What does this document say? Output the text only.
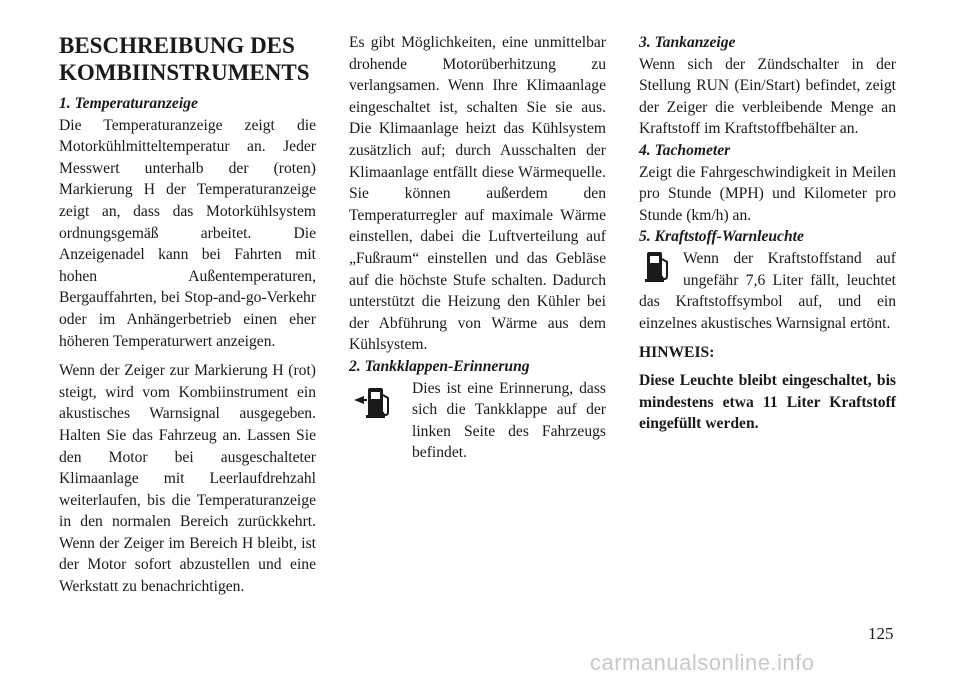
BESCHREIBUNG DES KOMBIINSTRUMENTS
1. Temperaturanzeige

Die Temperaturanzeige zeigt die Motorkühlmitteltemperatur an. Jeder Messwert unterhalb der (roten) Markierung H der Temperaturanzeige zeigt an, dass das Motorkühlsystem ordnungsgemäß arbeitet. Die Anzeigenadel kann bei Fahrten mit hohen Außentemperaturen, Bergauffahrten, bei Stop-and-go-Verkehr oder im Anhängerbetrieb einen eher höheren Temperaturwert anzeigen.

Wenn der Zeiger zur Markierung H (rot) steigt, wird vom Kombiinstrument ein akustisches Warnsignal ausgegeben. Halten Sie das Fahrzeug an. Lassen Sie den Motor bei ausgeschalteter Klimaanlage mit Leerlaufdrehzahl weiterlaufen, bis die Temperaturanzeige in den normalen Bereich zurückkehrt. Wenn der Zeiger im Bereich H bleibt, ist der Motor sofort abzustellen und eine Werkstatt zu benachrichtigen.

Es gibt Möglichkeiten, eine unmittelbar drohende Motorüberhitzung zu verlangsamen. Wenn Ihre Klimaanlage eingeschaltet ist, schalten Sie sie aus. Die Klimaanlage heizt das Kühlsystem zusätzlich auf; durch Ausschalten der Klimaanlage entfällt diese Wärmequelle. Sie können außerdem den Temperaturregler auf maximale Wärme einstellen, dabei die Luftverteilung auf „Fußraum“ einstellen und das Gebläse auf die höchste Stufe schalten. Dadurch unterstützt die Heizung den Kühler bei der Abführung von Wärme aus dem Kühlsystem.

2. Tankklappen-Erinnerung

Dies ist eine Erinnerung, dass sich die Tankklappe auf der linken Seite des Fahrzeugs befindet.

3. Tankanzeige

Wenn sich der Zündschalter in der Stellung RUN (Ein/Start) befindet, zeigt der Zeiger die verbleibende Menge an Kraftstoff im Kraftstoffbehälter an.

4. Tachometer

Zeigt die Fahrgeschwindigkeit in Meilen pro Stunde (MPH) und Kilometer pro Stunde (km/h) an.

5. Kraftstoff-Warnleuchte

Wenn der Kraftstoffstand auf ungefähr 7,6 Liter fällt, leuchtet das Kraftstoffsymbol auf, und ein einzelnes akustisches Warnsignal ertönt.

HINWEIS:

Diese Leuchte bleibt eingeschaltet, bis mindestens etwa 11 Liter Kraftstoff eingefüllt werden.

125
carmanualsonline.info
